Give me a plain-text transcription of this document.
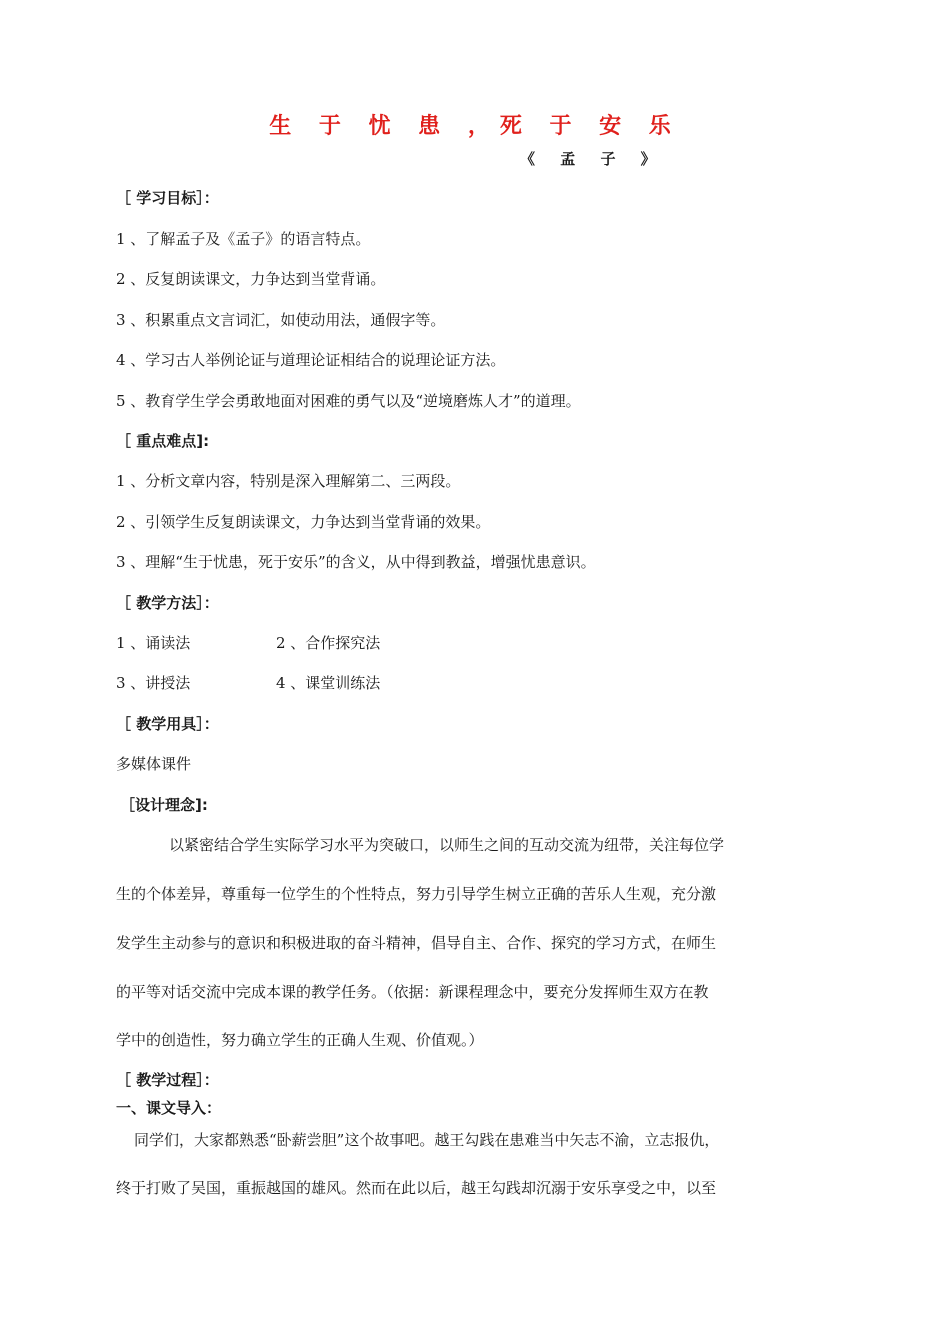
生 于 忧 患 ，死 于 安 乐
《 孟 子 》
［ 学习目标］：
1 、了解孟子及《孟子》的语言特点。
2 、反复朗读课文，力争达到当堂背诵。
3 、积累重点文言词汇，如使动用法，通假字等。
4 、学习古人举例论证与道理论证相结合的说理论证方法。
5 、教育学生学会勇敢地面对困难的勇气以及“逆境磨炼人才”的道理。
［ 重点难点]:
1 、分析文章内容，特别是深入理解第二、三两段。
2 、引领学生反复朗读课文，力争达到当堂背诵的效果。
3 、理解“生于忧患，死于安乐”的含义，从中得到教益，增强忧患意识。
［ 教学方法］：
1 、诵读法	2 、合作探究法
3 、讲授法	4 、课堂训练法
［ 教学用具］：
多媒体课件
［设计理念]:
以紧密结合学生实际学习水平为突破口，以师生之间的互动交流为纽带，关注每位学
生的个体差异，尊重每一位学生的个性特点，努力引导学生树立正确的苦乐人生观，充分激
发学生主动参与的意识和积极进取的奋斗精神，倡导自主、合作、探究的学习方式，在师生
的平等对话交流中完成本课的教学任务。（依据：新课程理念中，要充分发挥师生双方在教
学中的创造性，努力确立学生的正确人生观、价值观。）
［ 教学过程］：
一、课文导入：
同学们，大家都熟悉“卧薪尝胆”这个故事吧。越王勾践在患难当中矢志不渝，立志报仇，
终于打败了吴国，重振越国的雄风。然而在此以后，越王勾践却沉溺于安乐享受之中，以至
